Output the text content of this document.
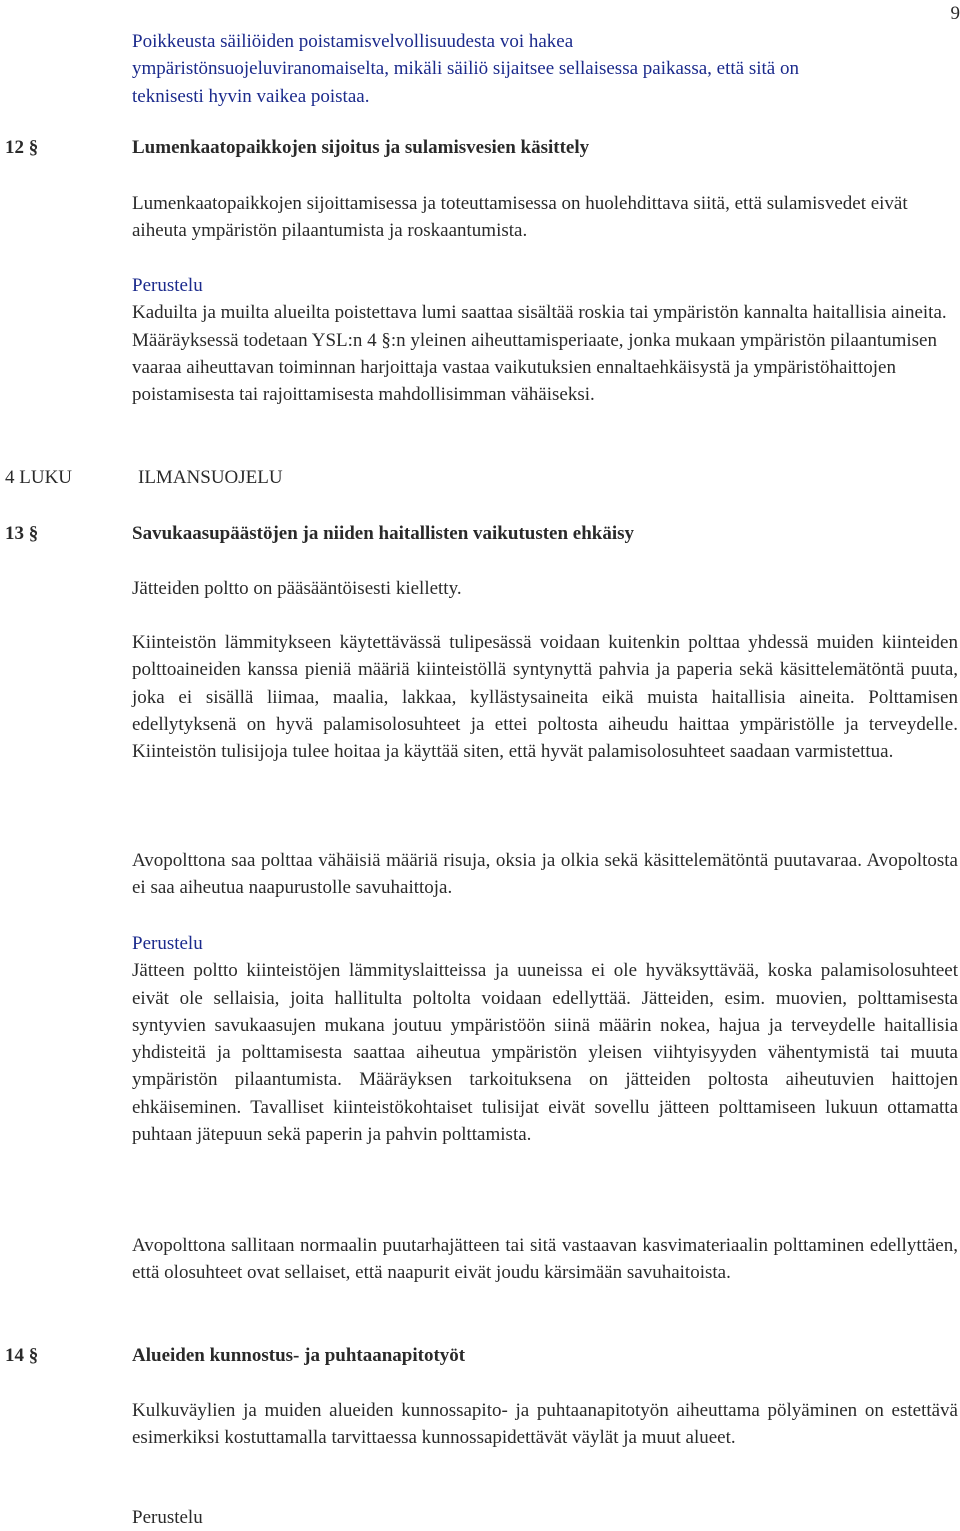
9

Poikkeusta säiliöiden poistamisvelvollisuudesta voi hakea ympäristönsuojeluviranomaiselta, mikäli säiliö sijaitsee sellaisessa paikassa, että sitä on teknisesti hyvin vaikea poistaa.

12 §	Lumenkaatopaikkojen sijoitus ja sulamisvesien käsittely

Lumenkaatopaikkojen sijoittamisessa ja toteuttamisessa on huolehdittava siitä, että sulamisvedet eivät aiheuta ympäristön pilaantumista ja roskaantumista.

Perustelu

Kaduilta ja muilta alueilta poistettava lumi saattaa sisältää roskia tai ympäristön kannalta haitallisia aineita. Määräyksessä todetaan YSL:n 4 §:n yleinen aiheuttamisperiaate, jonka mukaan ympäristön pilaantumisen vaaraa aiheuttavan toiminnan harjoittaja vastaa vaikutuksien ennaltaehkäisystä ja ympäristöhaittojen poistamisesta tai rajoittamisesta mahdollisimman vähäiseksi.

4 LUKU	ILMANSUOJELU
13 §	Savukaasupäästöjen ja niiden haitallisten vaikutusten ehkäisy

Jätteiden poltto on pääsääntöisesti kielletty.

Kiinteistön lämmitykseen käytettävässä tulipesässä voidaan kuitenkin polttaa yhdessä muiden kiinteiden polttoaineiden kanssa pieniä määriä kiinteistöllä syntynyttä pahvia ja paperia sekä käsittelemätöntä puuta, joka ei sisällä liimaa, maalia, lakkaa, kyllästysaineita eikä muista haitallisia aineita. Polttamisen edellytyksenä on hyvä palamisolosuhteet ja ettei poltosta aiheudu haittaa ympäristölle ja terveydelle. Kiinteistön tulisijoja tulee hoitaa ja käyttää siten, että hyvät palamisolosuhteet saadaan varmistettua.

Avopolttona saa polttaa vähäisiä määriä risuja, oksia ja olkia sekä käsittelemätöntä puutavaraa. Avopoltosta ei saa aiheutua naapurustolle savuhaittoja.

Perustelu

Jätteen poltto kiinteistöjen lämmityslaitteissa ja uuneissa ei ole hyväksyttävää, koska palamisolosuhteet eivät ole sellaisia, joita hallitulta poltolta voidaan edellyttää. Jätteiden, esim. muovien, polttamisesta syntyvien savukaasujen mukana joutuu ympäristöön siinä määrin nokea, hajua ja terveydelle haitallisia yhdisteitä ja polttamisesta saattaa aiheutua ympäristön yleisen viihtyisyyden vähentymistä tai muuta ympäristön pilaantumista. Määräyksen tarkoituksena on jätteiden poltosta aiheutuvien haittojen ehkäiseminen. Tavalliset kiinteistökohtaiset tulisijat eivät sovellu jätteen polttamiseen lukuun ottamatta puhtaan jätepuun sekä paperin ja pahvin polttamista.

Avopolttona sallitaan normaalin puutarhajätteen tai sitä vastaavan kasvimateriaalin polttaminen edellyttäen, että olosuhteet ovat sellaiset, että naapurit eivät joudu kärsimään savuhaitoista.

14 §	Alueiden kunnostus- ja puhtaanapitotyöt

Kulkuväylien ja muiden alueiden kunnossapito- ja puhtaanapitotyön aiheuttama pölyäminen on estettävä esimerkiksi kostuttamalla tarvittaessa kunnossapidettävät väylät ja muut alueet.

Perustelu
